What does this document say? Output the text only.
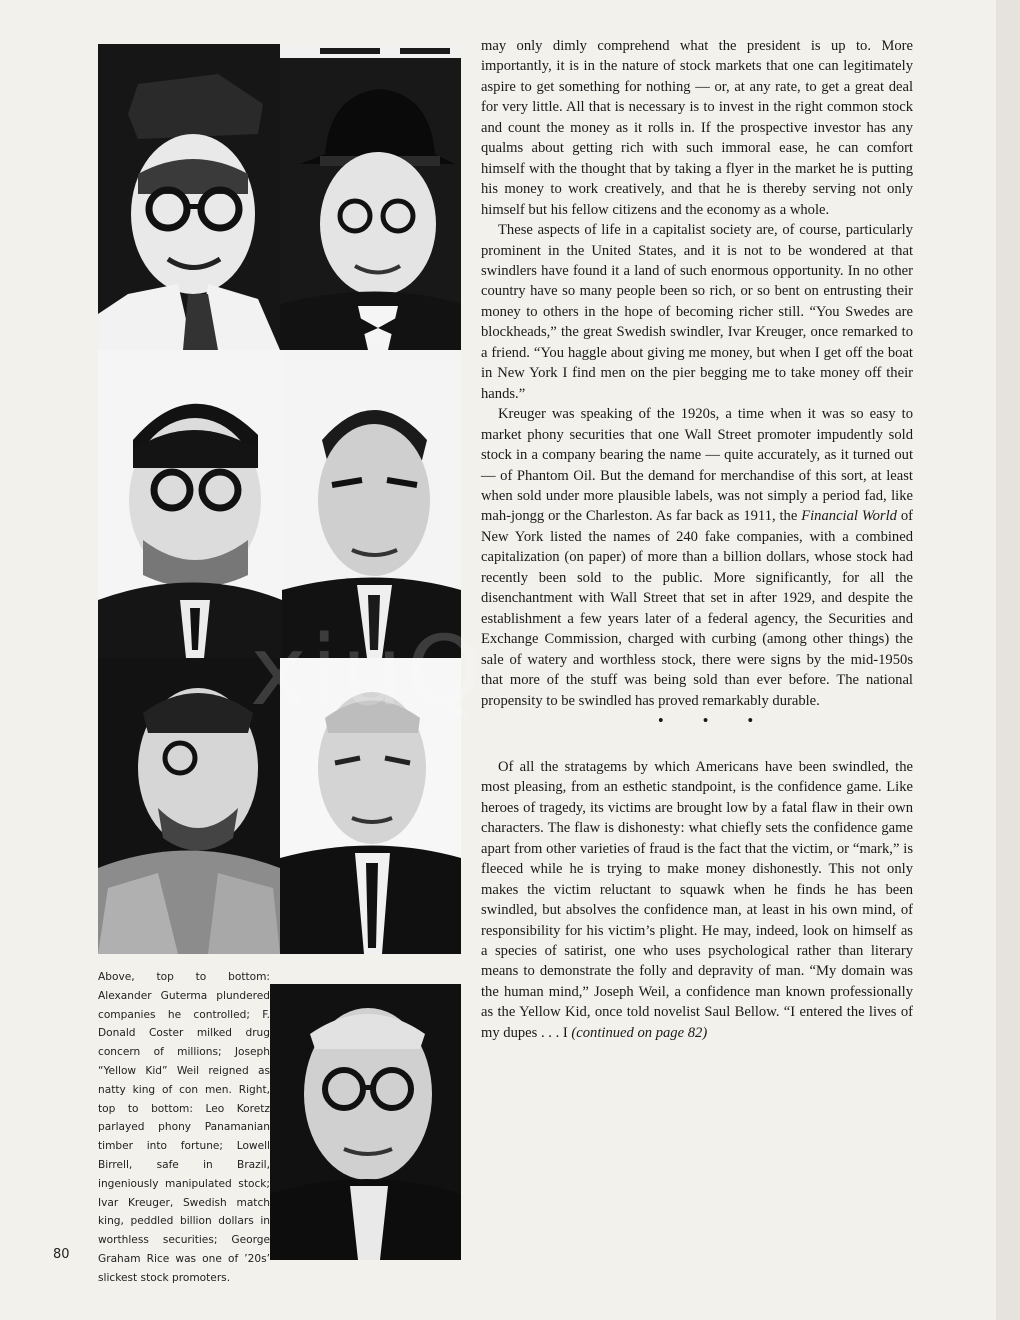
Above, top to bottom: Alexander Guterma plundered companies he controlled; F. Donald Coster milked drug concern of millions; Joseph “Yellow Kid” Weil reigned as natty king of con men. Right, top to bottom: Leo Koretz parlayed phony Panamanian timber into fortune; Lowell Birrell, safe in Brazil, ingeniously manipulated stock; Ivar Kreuger, Swedish match king, peddled billion dollars in worthless securities; George Graham Rice was one of ’20s’ slickest stock promoters.
80

may only dimly comprehend what the president is up to. More importantly, it is in the nature of stock markets that one can legitimately aspire to get something for nothing — or, at any rate, to get a great deal for very little. All that is necessary is to invest in the right common stock and count the money as it rolls in. If the prospective investor has any qualms about getting rich with such immoral ease, he can comfort himself with the thought that by taking a flyer in the market he is putting his money to work creatively, and that he is thereby serving not only himself but his fellow citizens and the economy as a whole.

These aspects of life in a capitalist society are, of course, particularly prominent in the United States, and it is not to be wondered at that swindlers have found it a land of such enormous opportunity. In no other country have so many people been so rich, or so bent on entrusting their money to others in the hope of becoming richer still. “You Swedes are blockheads,” the great Swedish swindler, Ivar Kreuger, once remarked to a friend. “You haggle about giving me money, but when I get off the boat in New York I find men on the pier begging me to take money off their hands.”

Kreuger was speaking of the 1920s, a time when it was so easy to market phony securities that one Wall Street promoter impudently sold stock in a company bearing the name — quite accurately, as it turned out — of Phantom Oil. But the demand for merchandise of this sort, at least when sold under more plausible labels, was not simply a period fad, like mah-jongg or the Charleston. As far back as 1911, the Financial World of New York listed the names of 240 fake companies, with a combined capitalization (on paper) of more than a billion dollars, whose stock had recently been sold to the public. More significantly, for all the disenchantment with Wall Street that set in after 1929, and despite the establishment a few years later of a federal agency, the Securities and Exchange Commission, charged with curbing (among other things) the sale of watery and worthless stock, there were signs by the mid-1950s that more of the stuff was being sold than ever before. The national propensity to be swindled has proved remarkably durable.

• • •

Of all the stratagems by which Americans have been swindled, the most pleasing, from an esthetic standpoint, is the confidence game. Like heroes of tragedy, its victims are brought low by a fatal flaw in their own characters. The flaw is dishonesty: what chiefly sets the confidence game apart from other varieties of fraud is the fact that the victim, or “mark,” is fleeced while he is trying to make money dishonestly. This not only makes the victim reluctant to squawk when he finds he has been swindled, but absolves the confidence man, at least in his own mind, of responsibility for his victim’s plight. He may, indeed, look on himself as a species of satirist, one who uses psychological rather than literary means to demonstrate the folly and depravity of man. “My domain was the human mind,” Joseph Weil, a confidence man known professionally as the Yellow Kid, once told novelist Saul Bellow. “I entered the lives of my dupes . . . I (continued on page 82)
